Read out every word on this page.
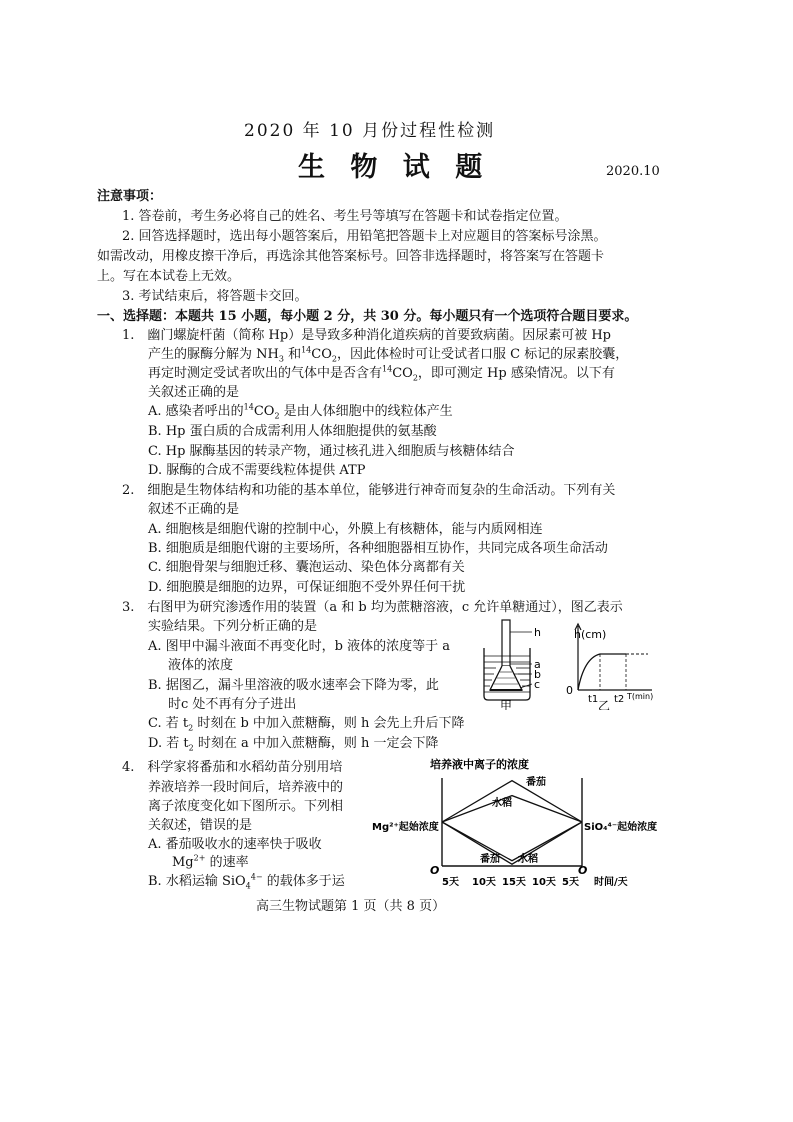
2020 年 10 月份过程性检测
生 物 试 题	2020.10
注意事项：
1. 答卷前，考生务必将自己的姓名、考生号等填写在答题卡和试卷指定位置。
2. 回答选择题时，选出每小题答案后，用铅笔把答题卡上对应题目的答案标号涂黑。
如需改动，用橡皮擦干净后，再选涂其他答案标号。回答非选择题时，将答案写在答题卡
上。写在本试卷上无效。
3. 考试结束后，将答题卡交回。
一、选择题：本题共 15 小题，每小题 2 分，共 30 分。每小题只有一个选项符合题目要求。
1.　幽门螺旋杆菌（简称 Hp）是导致多种消化道疾病的首要致病菌。因尿素可被 Hp
产生的脲酶分解为 $NH_3$ 和$^{14}CO_2$，因此体检时可让受试者口服 C 标记的尿素胶囊，
再定时测定受试者吹出的气体中是否含有$^{14}CO_2$，即可测定 Hp 感染情况。以下有
关叙述正确的是
A. 感染者呼出的$^{14}CO_2$ 是由人体细胞中的线粒体产生
B. Hp 蛋白质的合成需利用人体细胞提供的氨基酸
C. Hp 脲酶基因的转录产物，通过核孔进入细胞质与核糖体结合
D. 脲酶的合成不需要线粒体提供 ATP
2.　细胞是生物体结构和功能的基本单位，能够进行神奇而复杂的生命活动。下列有关
叙述不正确的是
A. 细胞核是细胞代谢的控制中心，外膜上有核糖体，能与内质网相连
B. 细胞质是细胞代谢的主要场所，各种细胞器相互协作，共同完成各项生命活动
C. 细胞骨架与细胞迁移、囊泡运动、染色体分离都有关
D. 细胞膜是细胞的边界，可保证细胞不受外界任何干扰
3.　右图甲为研究渗透作用的装置（a 和 b 均为蔗糖溶液，c 允许单糖通过），图乙表示
实验结果。下列分析正确的是
A. 图甲中漏斗液面不再变化时，b 液体的浓度等于 a
液体的浓度
B. 据图乙，漏斗里溶液的吸水速率会下降为零，此
时c 处不再有分子进出
C. 若 $t_2$ 时刻在 b 中加入蔗糖酶，则 h 会先上升后下降
D. 若 $t_2$ 时刻在 a 中加入蔗糖酶，则 h 一定会下降
h
a
b
c
甲
h(cm)
0
t1 t2 T(min)
乙
4.　科学家将番茄和水稻幼苗分别用培
养液培养一段时间后，培养液中的
离子浓度变化如下图所示。下列相
关叙述，错误的是
A. 番茄吸收水的速率快于吸收
$Mg^{2+}$ 的速率
B. 水稻运输 SiO$_4^{4-}$ 的载体多于运
培养液中离子的浓度
Mg²⁺起始浓度	SiO₄⁴⁻起始浓度
水稻
番茄
番茄 水稻
O	O
5天 10天 15天 10天 5天 时间/天
高三生物试题第 1 页（共 8 页）
